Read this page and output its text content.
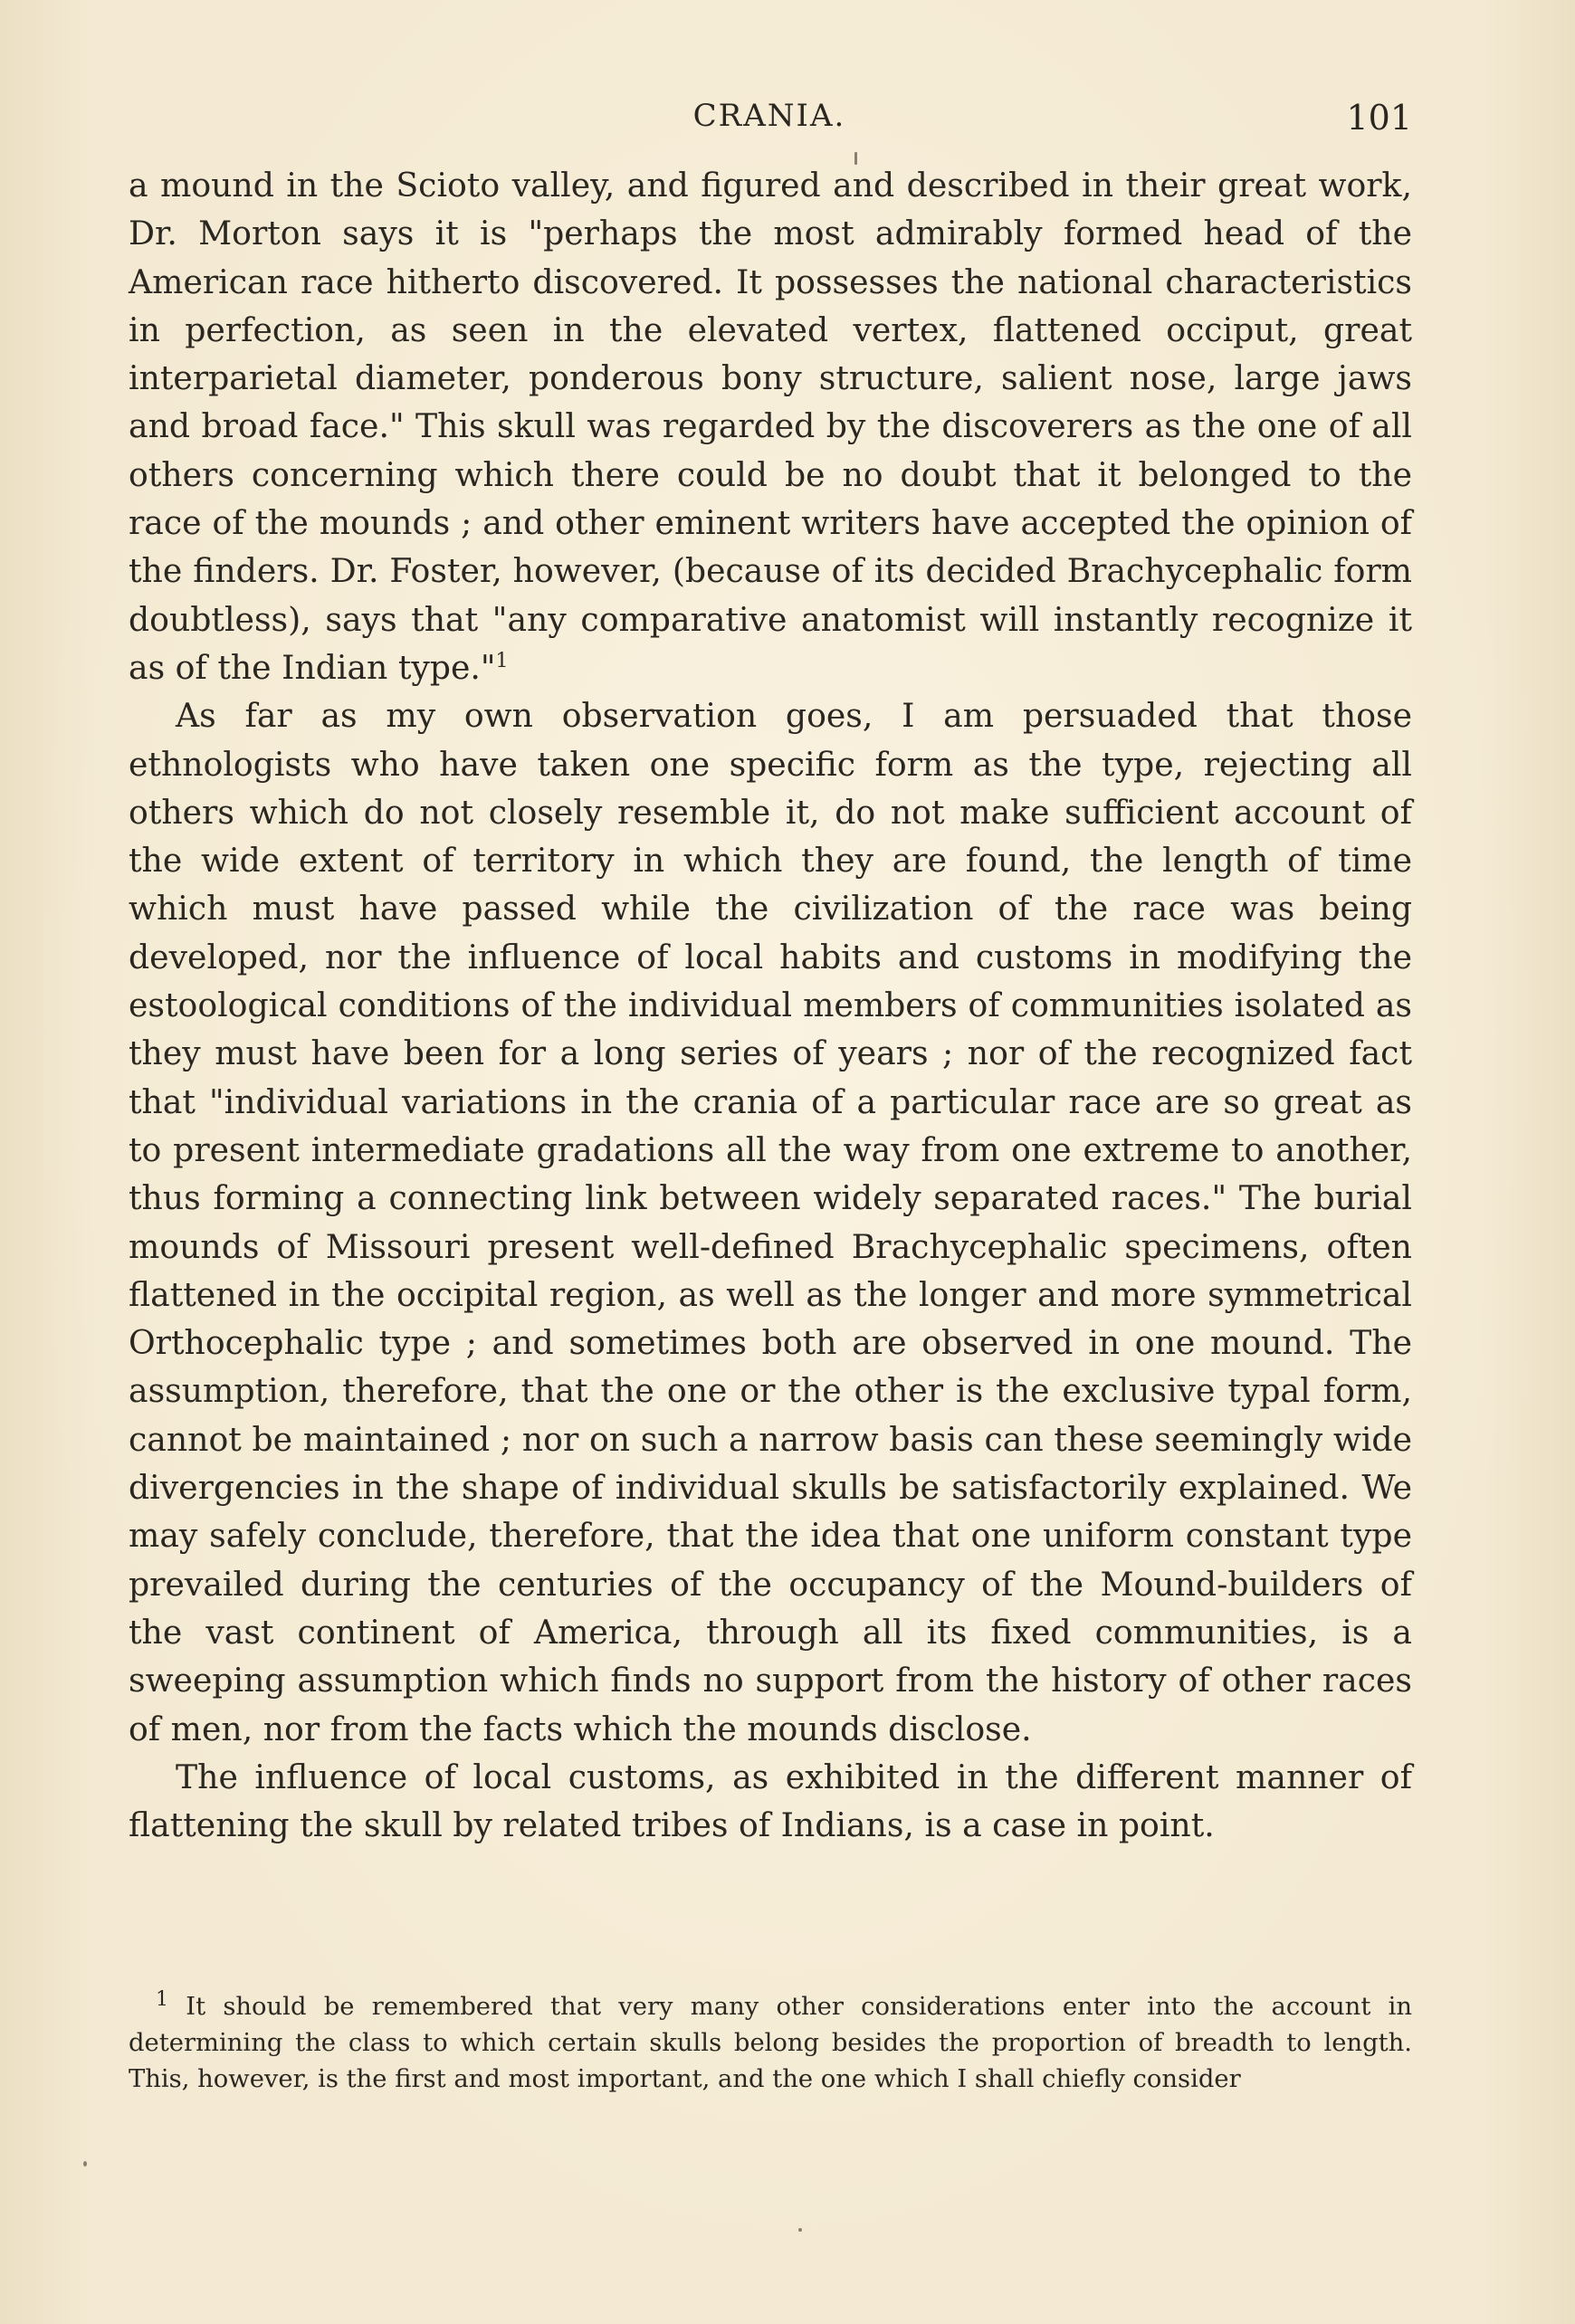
CRANIA.	101

a mound in the Scioto valley, and figured and described in their great work, Dr. Morton says it is "perhaps the most admirably formed head of the American race hitherto discovered. It possesses the national characteristics in perfection, as seen in the elevated vertex, flattened occiput, great interparietal diameter, ponderous bony structure, salient nose, large jaws and broad face." This skull was regarded by the discoverers as the one of all others concerning which there could be no doubt that it belonged to the race of the mounds ; and other eminent writers have accepted the opinion of the finders. Dr. Foster, however, (because of its decided Brachycephalic form doubtless), says that "any comparative anatomist will instantly recognize it as of the Indian type."$^1$

As far as my own observation goes, I am persuaded that those ethnologists who have taken one specific form as the type, rejecting all others which do not closely resemble it, do not make sufficient account of the wide extent of territory in which they are found, the length of time which must have passed while the civilization of the race was being developed, nor the influence of local habits and customs in modifying the estoological conditions of the individual members of communities isolated as they must have been for a long series of years ; nor of the recognized fact that "individual variations in the crania of a particular race are so great as to present intermediate gradations all the way from one extreme to another, thus forming a connecting link between widely separated races." The burial mounds of Missouri present well-defined Brachycephalic specimens, often flattened in the occipital region, as well as the longer and more symmetrical Orthocephalic type ; and sometimes both are observed in one mound. The assumption, therefore, that the one or the other is the exclusive typal form, cannot be maintained ; nor on such a narrow basis can these seemingly wide divergencies in the shape of individual skulls be satisfactorily explained. We may safely conclude, therefore, that the idea that one uniform constant type prevailed during the centuries of the occupancy of the Mound-builders of the vast continent of America, through all its fixed communities, is a sweeping assumption which finds no support from the history of other races of men, nor from the facts which the mounds disclose.

The influence of local customs, as exhibited in the different manner of flattening the skull by related tribes of Indians, is a case in point.

$^1$ It should be remembered that very many other considerations enter into the account in determining the class to which certain skulls belong besides the proportion of breadth to length. This, however, is the first and most important, and the one which I shall chiefly consider
